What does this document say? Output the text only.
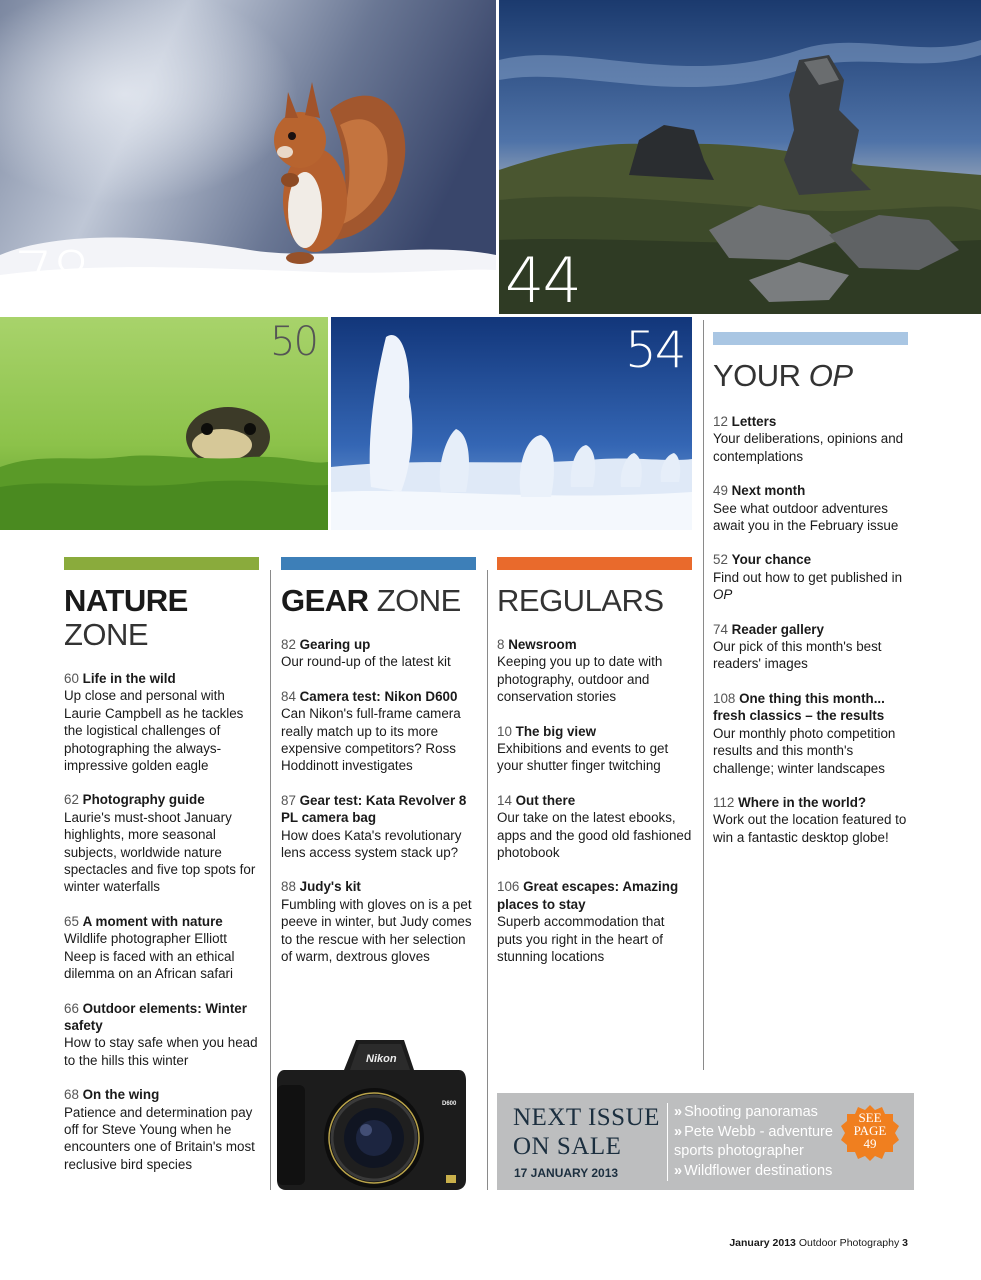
78	44
50	54
NATURE
ZONE
60 Life in the wild
Up close and personal with Laurie Campbell as he tackles the logistical challenges of photographing the always-impressive golden eagle
62 Photography guide
Laurie's must-shoot January highlights, more seasonal subjects, worldwide nature spectacles and five top spots for winter waterfalls
65 A moment with nature
Wildlife photographer Elliott Neep is faced with an ethical dilemma on an African safari
66 Outdoor elements: Winter safety
How to stay safe when you head to the hills this winter
68 On the wing
Patience and determination pay off for Steve Young when he encounters one of Britain's most reclusive bird species
GEAR ZONE
82 Gearing up
Our round-up of the latest kit
84 Camera test: Nikon D600
Can Nikon's full-frame camera really match up to its more expensive competitors? Ross Hoddinott investigates
87 Gear test: Kata Revolver 8 PL camera bag
How does Kata's revolutionary lens access system stack up?
88 Judy's kit
Fumbling with gloves on is a pet peeve in winter, but Judy comes to the rescue with her selection of warm, dextrous gloves
Nikon
D600
REGULARS
8 Newsroom
Keeping you up to date with photography, outdoor and conservation stories
10 The big view
Exhibitions and events to get your shutter finger twitching
14 Out there
Our take on the latest ebooks, apps and the good old fashioned photobook
106 Great escapes: Amazing places to stay
Superb accommodation that puts you right in the heart of stunning locations
YOUR OP
12 Letters
Your deliberations, opinions and contemplations
49 Next month
See what outdoor adventures await you in the February issue
52 Your chance
Find out how to get published in OP
74 Reader gallery
Our pick of this month's best readers' images
108 One thing this month... fresh classics – the results
Our monthly photo competition results and this month's challenge; winter landscapes
112 Where in the world?
Work out the location featured to win a fantastic desktop globe!
NEXT ISSUE
ON SALE
17 JANUARY 2013
» Shooting panoramas
» Pete Webb - adventure sports photographer
» Wildflower destinations
SEE
PAGE
49
January 2013 Outdoor Photography 3
